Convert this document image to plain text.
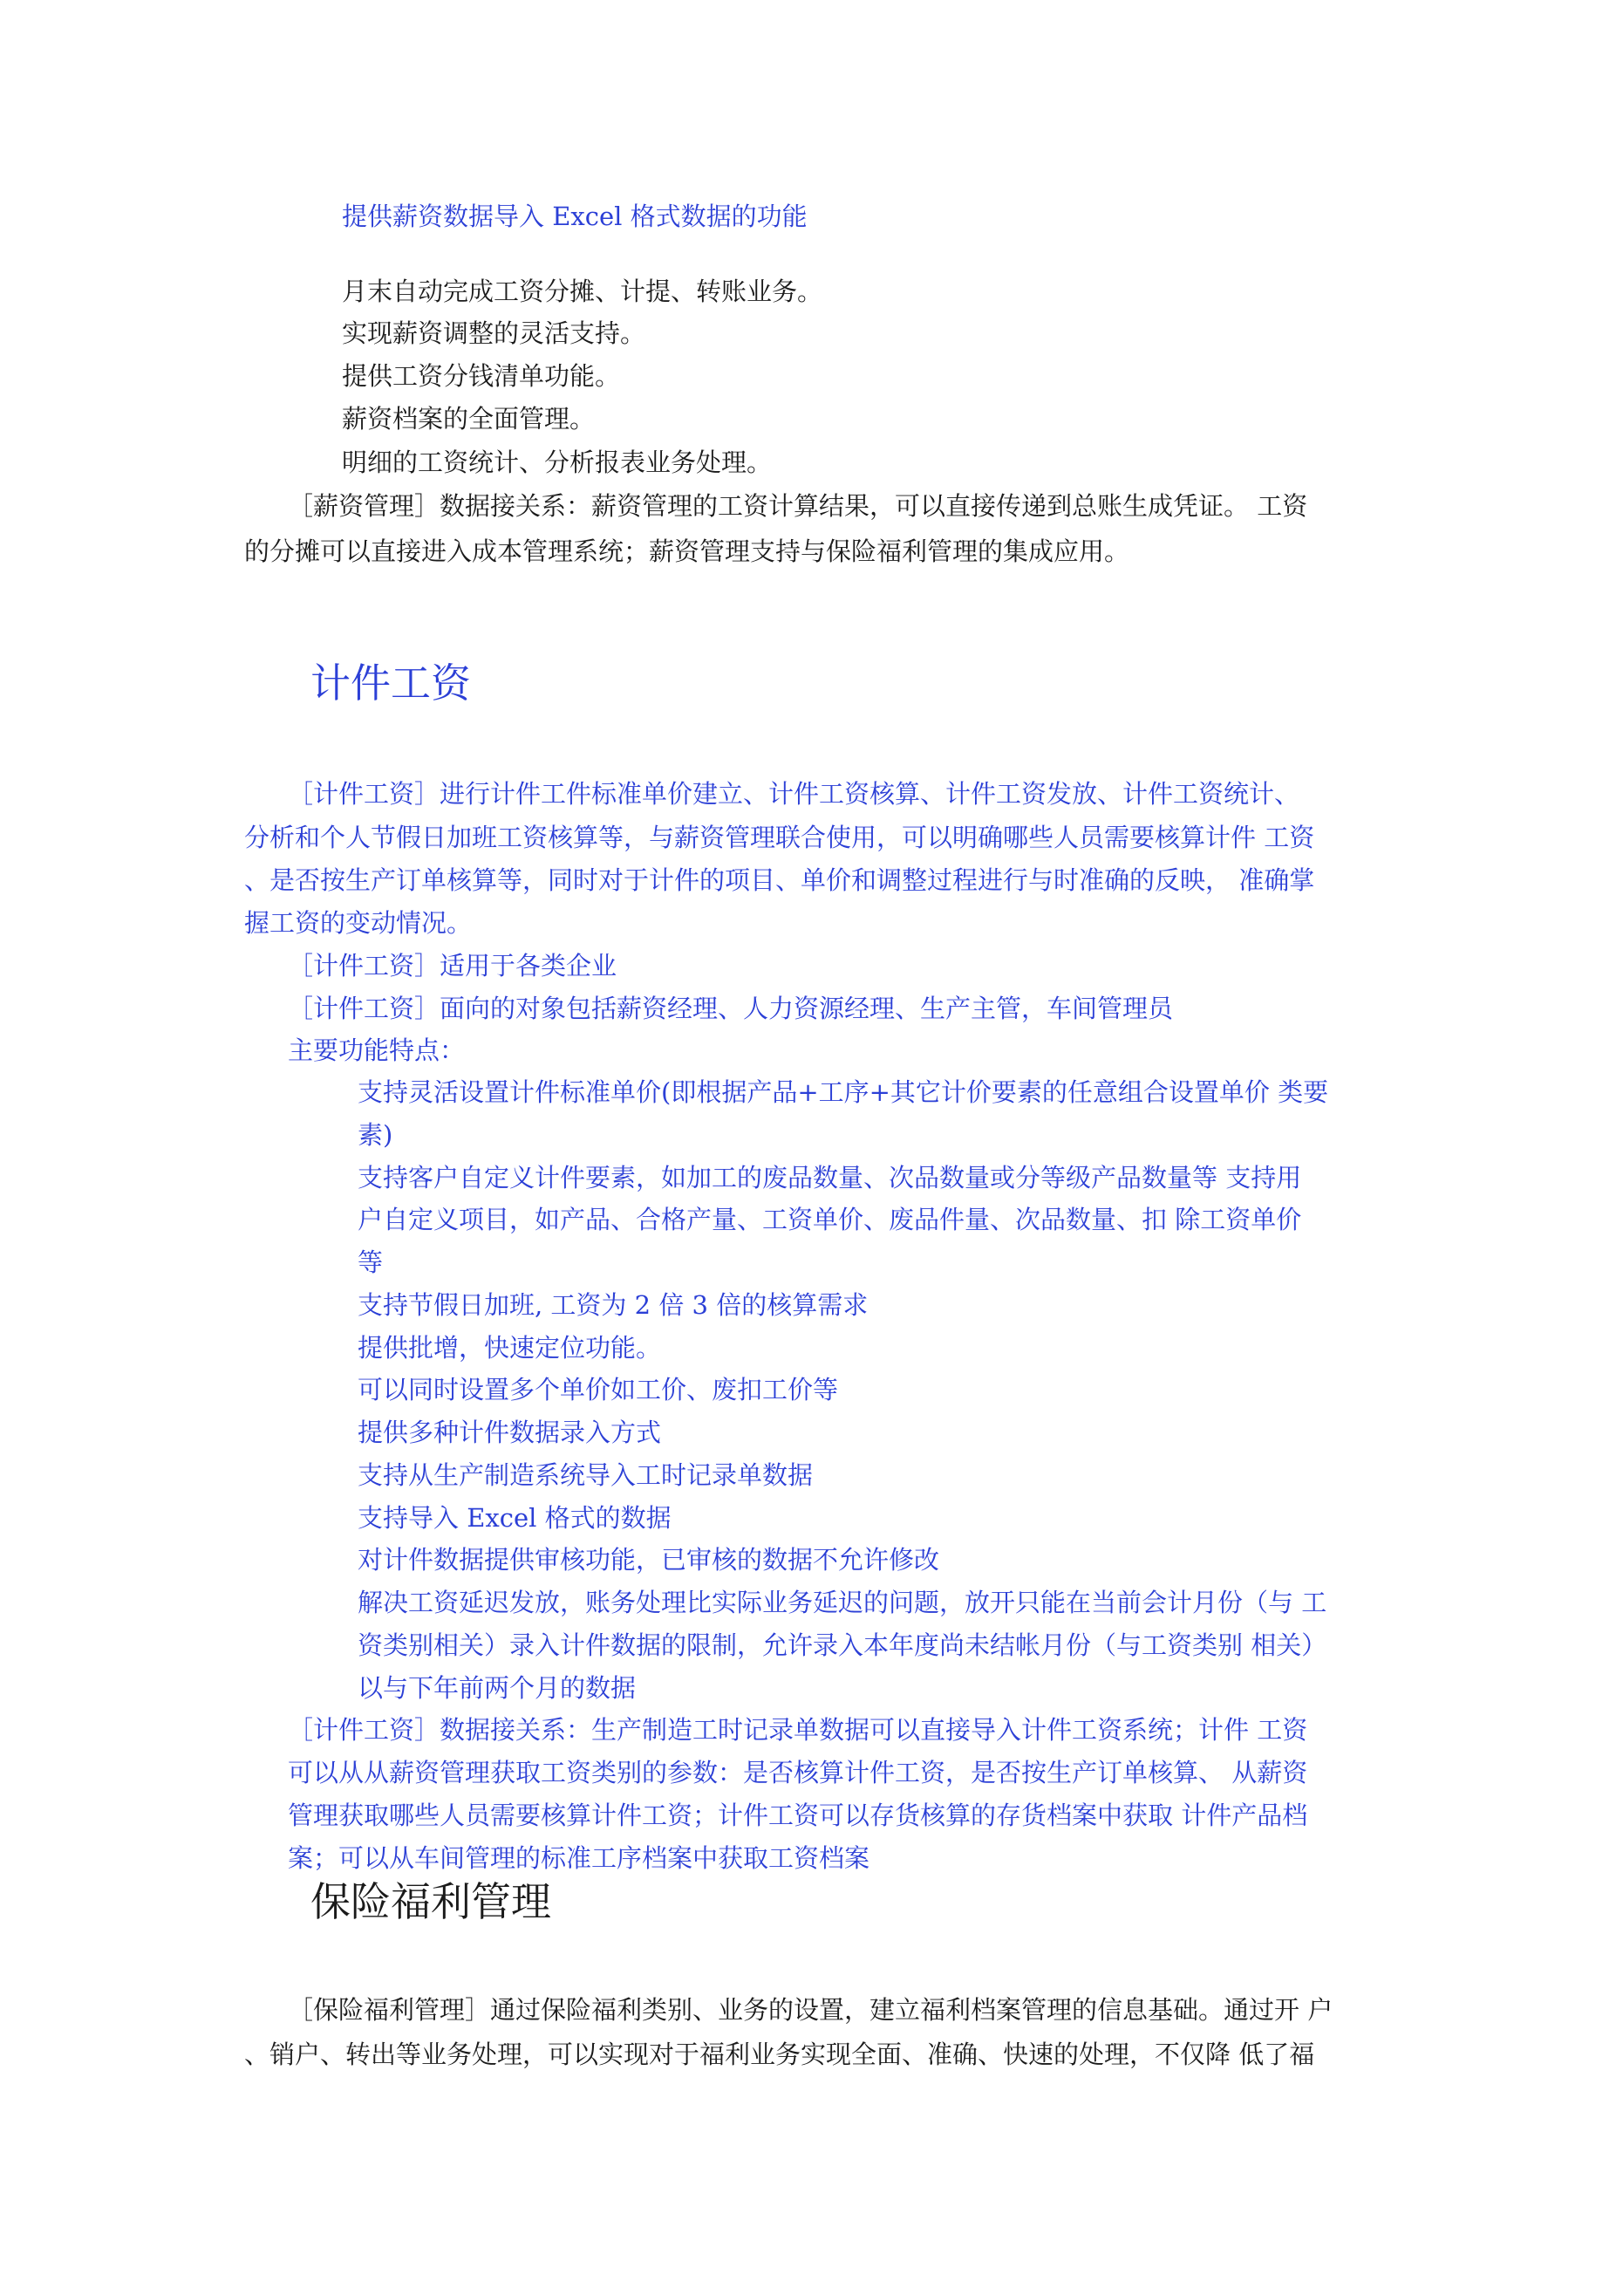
提供薪资数据导入 Excel 格式数据的功能
月末自动完成工资分摊、计提、转账业务。
实现薪资调整的灵活支持。
提供工资分钱清单功能。
薪资档案的全面管理。
明细的工资统计、分析报表业务处理。
［薪资管理］数据接关系：薪资管理的工资计算结果，可以直接传递到总账生成凭证。 工资
的分摊可以直接进入成本管理系统；薪资管理支持与保险福利管理的集成应用。
计件工资
［计件工资］进行计件工件标准单价建立、计件工资核算、计件工资发放、计件工资统计、
分析和个人节假日加班工资核算等，与薪资管理联合使用，可以明确哪些人员需要核算计件 工资
、是否按生产订单核算等，同时对于计件的项目、单价和调整过程进行与时准确的反映， 准确掌
握工资的变动情况。
［计件工资］适用于各类企业
［计件工资］面向的对象包括薪资经理、人力资源经理、生产主管，车间管理员
主要功能特点：
支持灵活设置计件标准单价(即根据产品+工序+其它计价要素的任意组合设置单价 类要
素)
支持客户自定义计件要素，如加工的废品数量、次品数量或分等级产品数量等 支持用
户自定义项目，如产品、合格产量、工资单价、废品件量、次品数量、扣 除工资单价
等
支持节假日加班, 工资为 2 倍 3 倍的核算需求
提供批增，快速定位功能。
可以同时设置多个单价如工价、废扣工价等
提供多种计件数据录入方式
支持从生产制造系统导入工时记录单数据
支持导入 Excel 格式的数据
对计件数据提供审核功能，已审核的数据不允许修改
解决工资延迟发放，账务处理比实际业务延迟的问题，放开只能在当前会计月份（与 工
资类别相关）录入计件数据的限制，允许录入本年度尚未结帐月份（与工资类别 相关）
以与下年前两个月的数据
［计件工资］数据接关系：生产制造工时记录单数据可以直接导入计件工资系统；计件 工资
可以从从薪资管理获取工资类别的参数：是否核算计件工资，是否按生产订单核算、 从薪资
管理获取哪些人员需要核算计件工资；计件工资可以存货核算的存货档案中获取 计件产品档
案；可以从车间管理的标准工序档案中获取工资档案
保险福利管理
［保险福利管理］通过保险福利类别、业务的设置，建立福利档案管理的信息基础。通过开 户
、销户、转出等业务处理，可以实现对于福利业务实现全面、准确、快速的处理，不仅降 低了福
